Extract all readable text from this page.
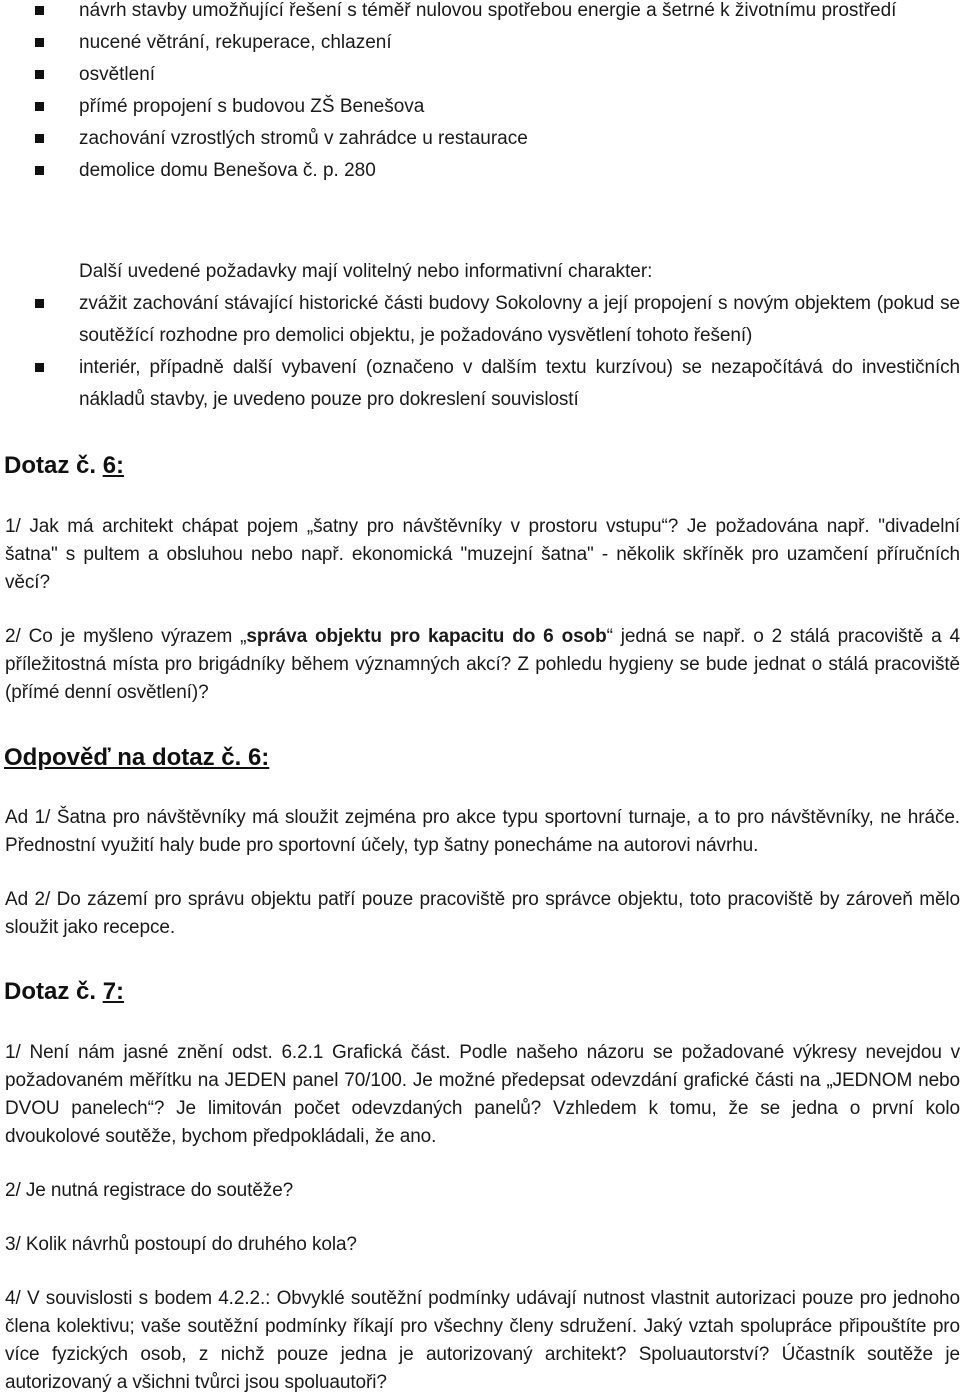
návrh stavby umožňující řešení s téměř nulovou spotřebou energie a šetrné k životnímu prostředí
nucené větrání, rekuperace, chlazení
osvětlení
přímé propojení s budovou ZŠ Benešova
zachování vzrostlých stromů v zahrádce u restaurace
demolice domu Benešova č. p. 280
Další uvedené požadavky mají volitelný nebo informativní charakter:
zvážit zachování stávající historické části budovy Sokolovny a její propojení s novým objektem (pokud se soutěžící rozhodne pro demolici objektu, je požadováno vysvětlení tohoto řešení)
interiér, případně další vybavení (označeno v dalším textu kurzívou) se nezapočítává do investičních nákladů stavby, je uvedeno pouze pro dokreslení souvislostí
Dotaz č. 6:

1/ Jak má architekt chápat pojem „šatny pro návštěvníky v prostoru vstupu“? Je požadována např. "divadelní šatna" s pultem a obsluhou nebo např. ekonomická "muzejní šatna" - několik skříněk pro uzamčení příručních věcí?

2/ Co je myšleno výrazem „správa objektu pro kapacitu do 6 osob“ jedná se např. o 2 stálá pracoviště a 4 příležitostná místa pro brigádníky během významných akcí? Z pohledu hygieny se bude jednat o stálá pracoviště (přímé denní osvětlení)?

Odpověď na dotaz č. 6:

Ad 1/ Šatna pro návštěvníky má sloužit zejména pro akce typu sportovní turnaje, a to pro návštěvníky, ne hráče. Přednostní využití haly bude pro sportovní účely, typ šatny ponecháme na autorovi návrhu.

Ad 2/ Do zázemí pro správu objektu patří pouze pracoviště pro správce objektu, toto pracoviště by zároveň mělo sloužit jako recepce.

Dotaz č. 7:

1/ Není nám jasné znění odst. 6.2.1 Grafická část. Podle našeho názoru se požadované výkresy nevejdou v požadovaném měřítku na JEDEN panel 70/100. Je možné předepsat odevzdání grafické části na „JEDNOM nebo DVOU panelech“? Je limitován počet odevzdaných panelů? Vzhledem k tomu, že se jedna o první kolo dvoukolové soutěže, bychom předpokládali, že ano.

2/ Je nutná registrace do soutěže?

3/ Kolik návrhů postoupí do druhého kola?

4/ V souvislosti s bodem 4.2.2.: Obvyklé soutěžní podmínky udávají nutnost vlastnit autorizaci pouze pro jednoho člena kolektivu; vaše soutěžní podmínky říkají pro všechny členy sdružení. Jaký vztah spolupráce připouštíte pro více fyzických osob, z nichž pouze jedna je autorizovaný architekt? Spoluautorství? Účastník soutěže je autorizovaný a všichni tvůrci jsou spoluautoři?
